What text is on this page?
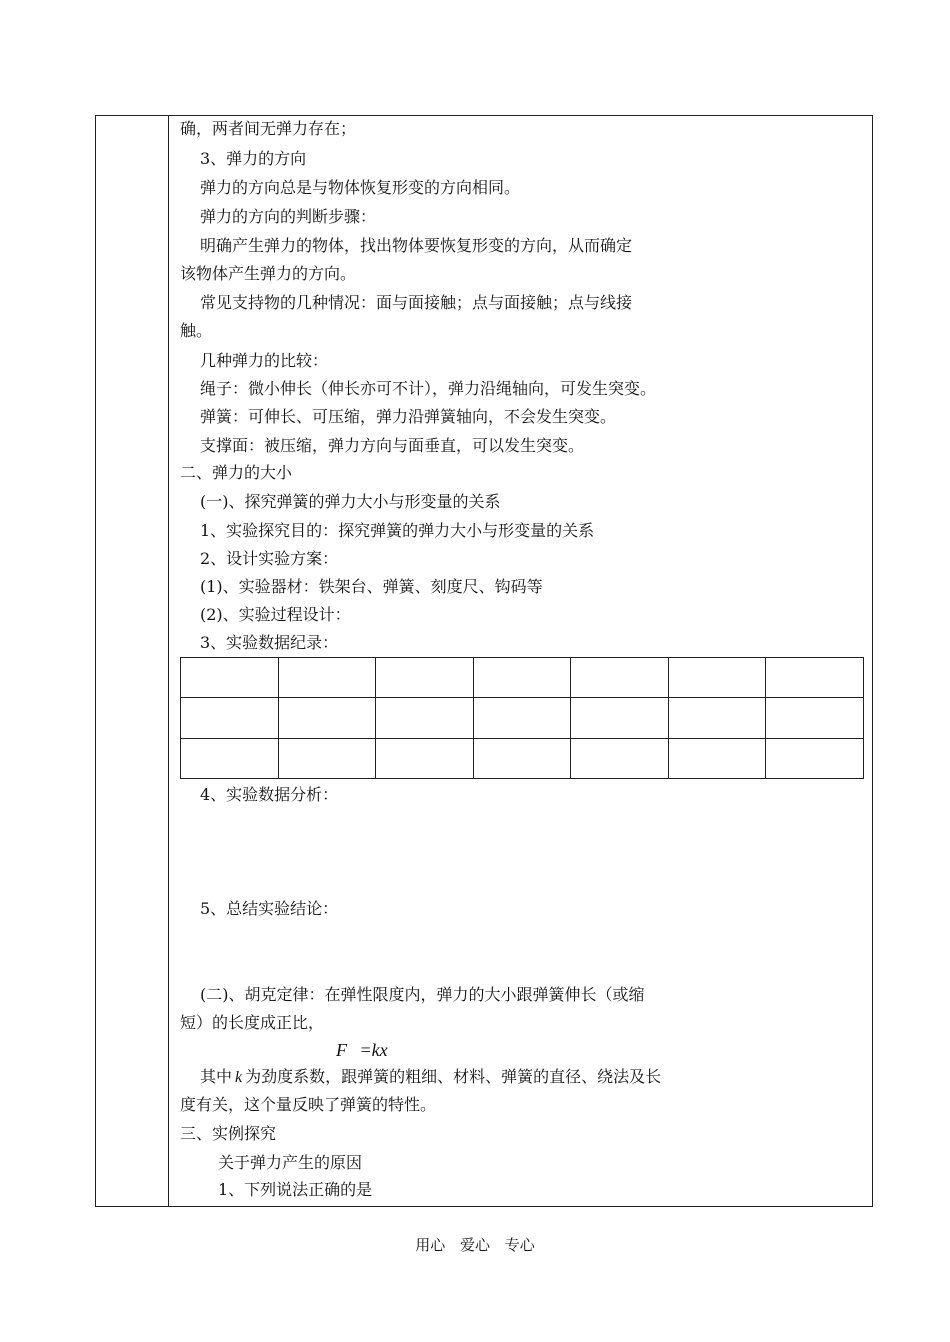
确，两者间无弹力存在；
3、弹力的方向
弹力的方向总是与物体恢复形变的方向相同。
弹力的方向的判断步骤：
明确产生弹力的物体，找出物体要恢复形变的方向，从而确定
该物体产生弹力的方向。
常见支持物的几种情况：面与面接触；点与面接触；点与线接
触。
几种弹力的比较：
绳子：微小伸长（伸长亦可不计），弹力沿绳轴向，可发生突变。
弹簧：可伸长、可压缩，弹力沿弹簧轴向，不会发生突变。
支撑面：被压缩，弹力方向与面垂直，可以发生突变。
二、弹力的大小
(一)、探究弹簧的弹力大小与形变量的关系
1、实验探究目的：探究弹簧的弹力大小与形变量的关系
2、设计实验方案：
(1)、实验器材：铁架台、弹簧、刻度尺、钩码等
(2)、实验过程设计：
3、实验数据纪录：

4、实验数据分析：
5、总结实验结论：
(二)、胡克定律：在弹性限度内，弹力的大小跟弹簧伸长（或缩
短）的长度成正比，
F =kx
其中 k 为劲度系数，跟弹簧的粗细、材料、弹簧的直径、绕法及长
度有关，这个量反映了弹簧的特性。
三、实例探究
关于弹力产生的原因
1、下列说法正确的是
用心 爱心 专心
